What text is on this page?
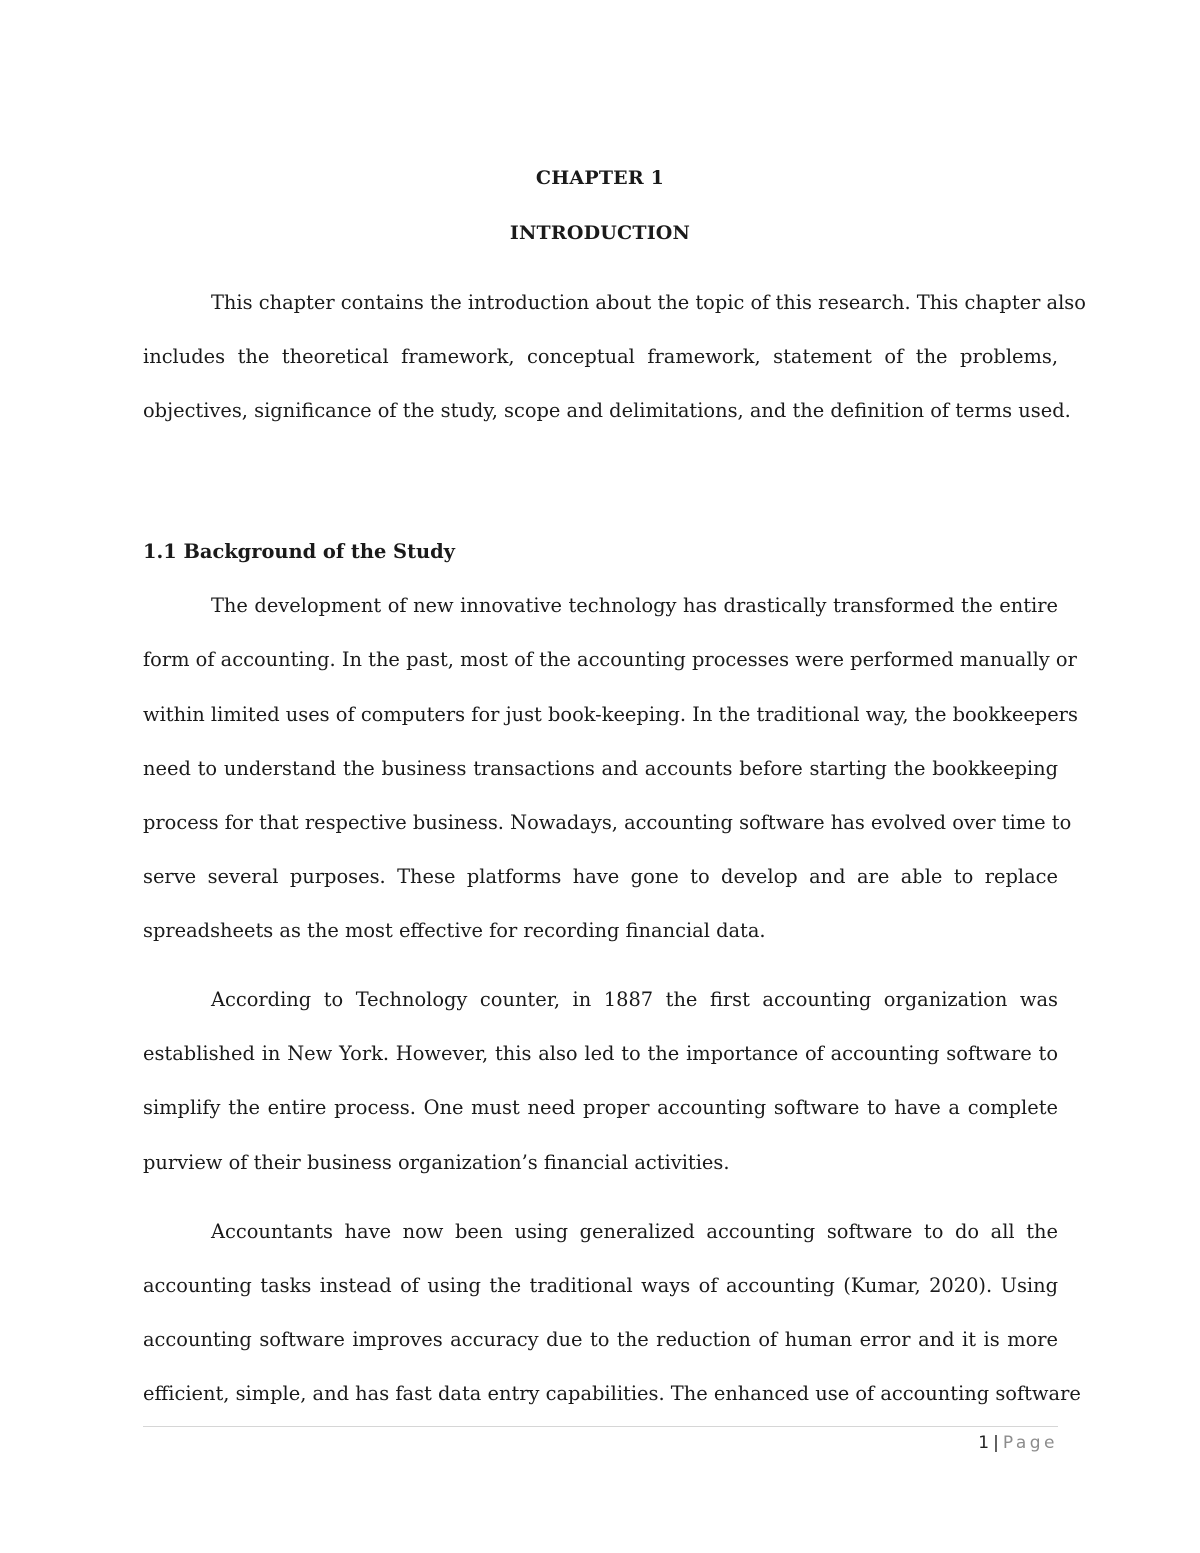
CHAPTER 1
INTRODUCTION
This chapter contains the introduction about the topic of this research. This chapter also
includes the theoretical framework, conceptual framework, statement of the problems,
objectives, significance of the study, scope and delimitations, and the definition of terms used.
1.1 Background of the Study
The development of new innovative technology has drastically transformed the entire
form of accounting. In the past, most of the accounting processes were performed manually or
within limited uses of computers for just book-keeping. In the traditional way, the bookkeepers
need to understand the business transactions and accounts before starting the bookkeeping
process for that respective business. Nowadays, accounting software has evolved over time to
serve several purposes. These platforms have gone to develop and are able to replace
spreadsheets as the most effective for recording financial data.
According to Technology counter, in 1887 the first accounting organization was
established in New York. However, this also led to the importance of accounting software to
simplify the entire process. One must need proper accounting software to have a complete
purview of their business organization’s financial activities.
Accountants have now been using generalized accounting software to do all the
accounting tasks instead of using the traditional ways of accounting (Kumar, 2020). Using
accounting software improves accuracy due to the reduction of human error and it is more
efficient, simple, and has fast data entry capabilities. The enhanced use of accounting software
1 | Page
